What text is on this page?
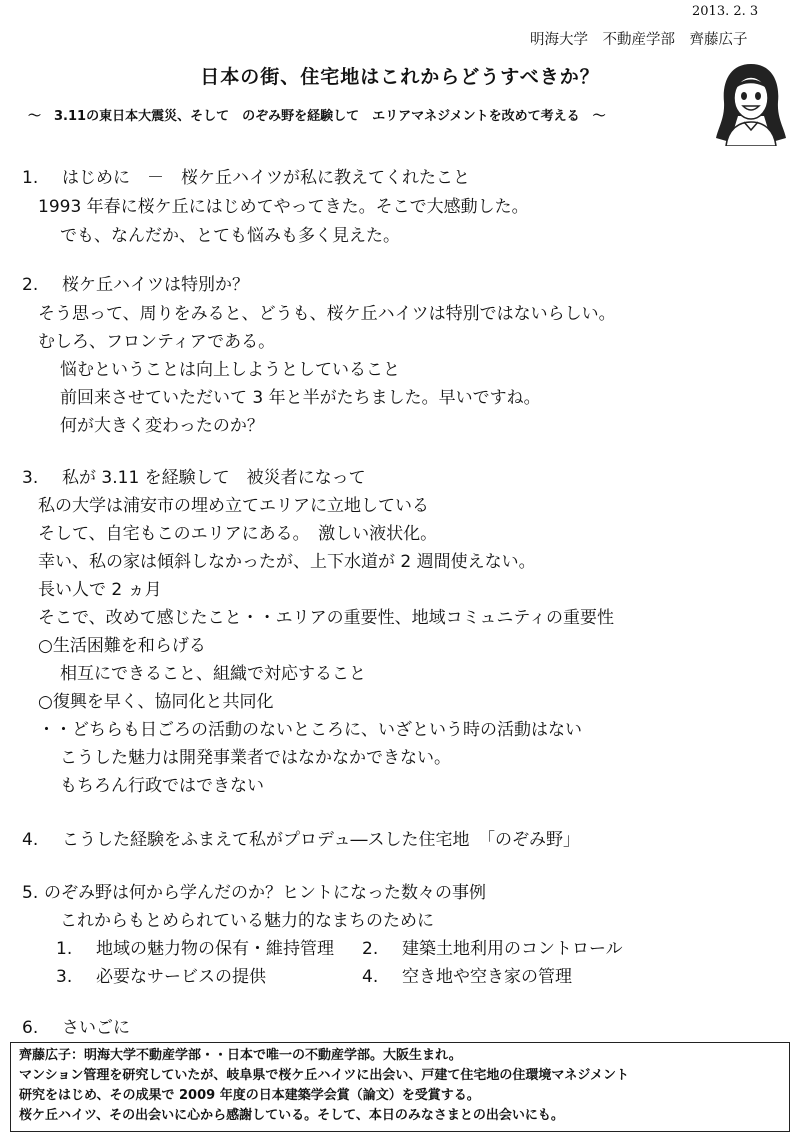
2013. 2. 3
明海大学　不動産学部　齊藤広子
日本の街、住宅地はこれからどうすべきか？
～　3.11の東日本大震災、そして　のぞみ野を経験して　エリアマネジメントを改めて考える　～
1. はじめに　－　桜ケ丘ハイツが私に教えてくれたこと
1993 年春に桜ケ丘にはじめてやってきた。そこで大感動した。
でも、なんだか、とても悩みも多く見えた。
2. 桜ケ丘ハイツは特別か？
そう思って、周りをみると、どうも、桜ケ丘ハイツは特別ではないらしい。
むしろ、フロンティアである。
悩むということは向上しようとしていること
前回来させていただいて 3 年と半がたちました。早いですね。
何が大きく変わったのか？
3. 私が 3.11 を経験して　被災者になって
私の大学は浦安市の埋め立てエリアに立地している
そして、自宅もこのエリアにある。　激しい液状化。
幸い、私の家は傾斜しなかったが、上下水道が 2 週間使えない。
長い人で 2 ヵ月
そこで、改めて感じたこと・・エリアの重要性、地域コミュニティの重要性
○生活困難を和らげる
相互にできること、組織で対応すること
○復興を早く、協同化と共同化
・・どちらも日ごろの活動のないところに、いざという時の活動はない
こうした魅力は開発事業者ではなかなかできない。
もちろん行政ではできない
4. こうした経験をふまえて私がプロデュ―スした住宅地　「のぞみ野」
5. のぞみ野は何から学んだのか？ヒントになった数々の事例
これからもとめられている魅力的なまちのために
1. 地域の魅力物の保有・維持管理 2. 建築土地利用のコントロール
3. 必要なサービスの提供	4. 空き地や空き家の管理
6. さいごに
齊藤広子：明海大学不動産学部・・日本で唯一の不動産学部。大阪生まれ。
マンション管理を研究していたが、岐阜県で桜ケ丘ハイツに出会い、戸建て住宅地の住環境マネジメント
研究をはじめ、その成果で 2009 年度の日本建築学会賞（論文）を受賞する。
桜ケ丘ハイツ、その出会いに心から感謝している。そして、本日のみなさまとの出会いにも。
